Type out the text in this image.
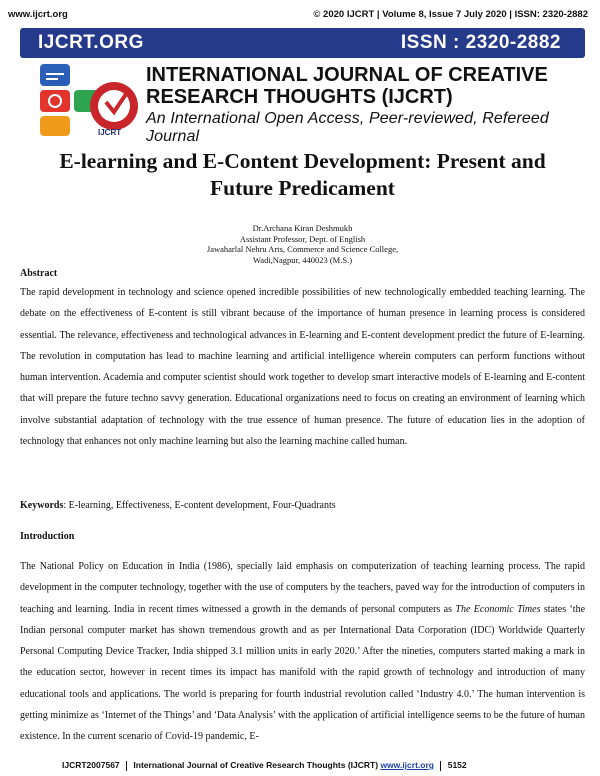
www.ijcrt.org	© 2020 IJCRT | Volume 8, Issue 7 July 2020 | ISSN: 2320-2882
IJCRT.ORG	ISSN : 2320-2882
IJCRT
INTERNATIONAL JOURNAL OF CREATIVE
RESEARCH THOUGHTS (IJCRT)
An International Open Access, Peer-reviewed, Refereed Journal
E-learning and E-Content Development: Present and
Future Predicament
Dr.Archana Kiran Deshmukh
Assistant Professor, Dept. of English
Jawaharlal Nehru Arts, Commerce and Science College,
Wadi,Nagpur, 440023 (M.S.)
Abstract
The rapid development in technology and science opened incredible possibilities of new technologically embedded teaching learning. The debate on the effectiveness of E-content is still vibrant because of the importance of human presence in learning process is considered essential. The relevance, effectiveness and technological advances in E-learning and E-content development predict the future of E-learning. The revolution in computation has lead to machine learning and artificial intelligence wherein computers can perform functions without human intervention. Academia and computer scientist should work together to develop smart interactive models of E-learning and E-content that will prepare the future techno savvy generation. Educational organizations need to focus on creating an environment of learning which involve substantial adaptation of technology with the true essence of human presence. The future of education lies in the adoption of technology that enhances not only machine learning but also the learning machine called human.
Keywords: E-learning, Effectiveness, E-content development, Four-Quadrants
Introduction
The National Policy on Education in India (1986), specially laid emphasis on computerization of teaching learning process. The rapid development in the computer technology, together with the use of computers by the teachers, paved way for the introduction of computers in teaching and learning. India in recent times witnessed a growth in the demands of personal computers as The Economic Times states ‘the Indian personal computer market has shown tremendous growth and as per International Data Corporation (IDC) Worldwide Quarterly Personal Computing Device Tracker, India shipped 3.1 million units in early 2020.’ After the nineties, computers started making a mark in the education sector, however in recent times its impact has manifold with the rapid growth of technology and introduction of many educational tools and applications. The world is preparing for fourth industrial revolution called ‘Industry 4.0.’ The human intervention is getting minimize as ‘Internet of the Things’ and ‘Data Analysis’ with the application of artificial intelligence seems to be the future of human existence. In the current scenario of Covid-19 pandemic, E-
IJCRT2007567 International Journal of Creative Research Thoughts (IJCRT) www.ijcrt.org 5152
